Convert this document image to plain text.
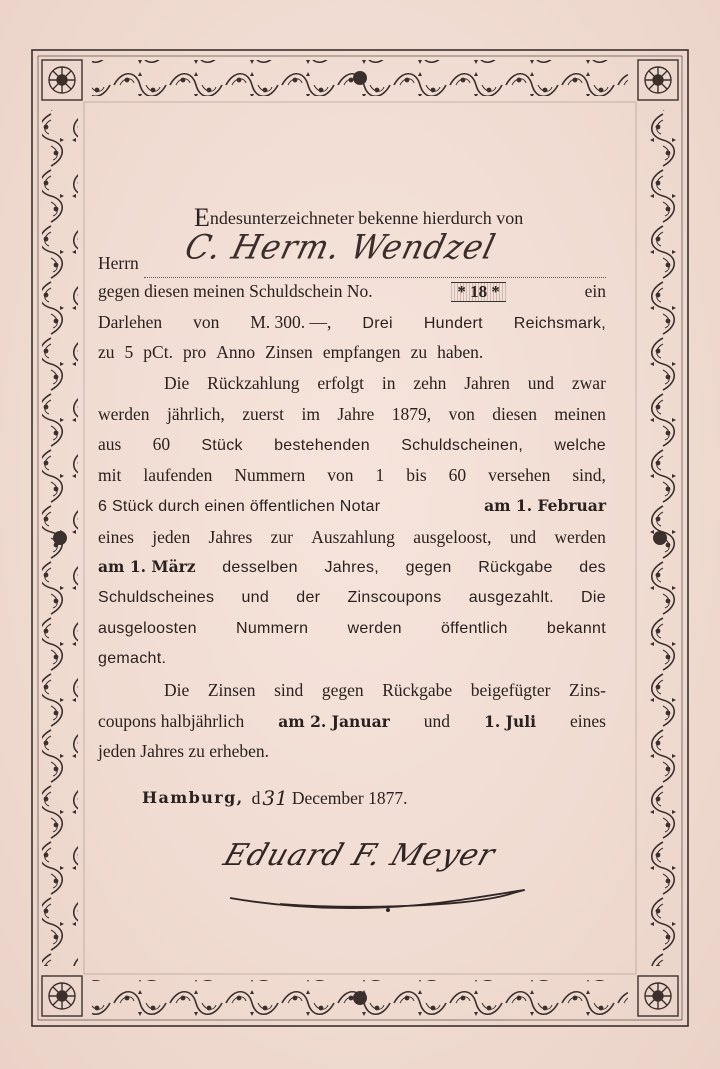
E ndesunterzeichneter bekenne hierdurch von
Herrn C. Herm. Wendzel
gegen diesen meinen Schuldschein No.	* 18 *	ein
Darlehen von M. 300. —, Drei Hundert Reichsmark,
zu 5 pCt. pro Anno Zinsen empfangen zu haben.
Die Rückzahlung erfolgt in zehn Jahren und zwar
werden jährlich, zuerst im Jahre 1879, von diesen meinen
aus 60 Stück bestehenden Schuldscheinen, welche
mit laufenden Nummern von 1 bis 60 versehen sind,
6 Stück durch einen öffentlichen Notar	am 1. Februar
eines jeden Jahres zur Auszahlung ausgeloost, und werden
am 1. März desselben Jahres, gegen Rückgabe des
Schuldscheines und der Zinscoupons ausgezahlt. Die
ausgeloosten Nummern werden öffentlich bekannt
gemacht.
Die Zinsen sind gegen Rückgabe beigefügter Zins-
coupons halbjährlich am 2. Januar und 1. Juli eines
jeden Jahres zu erheben.
Hamburg, d 31 December 1877.
Eduard F. Meyer
